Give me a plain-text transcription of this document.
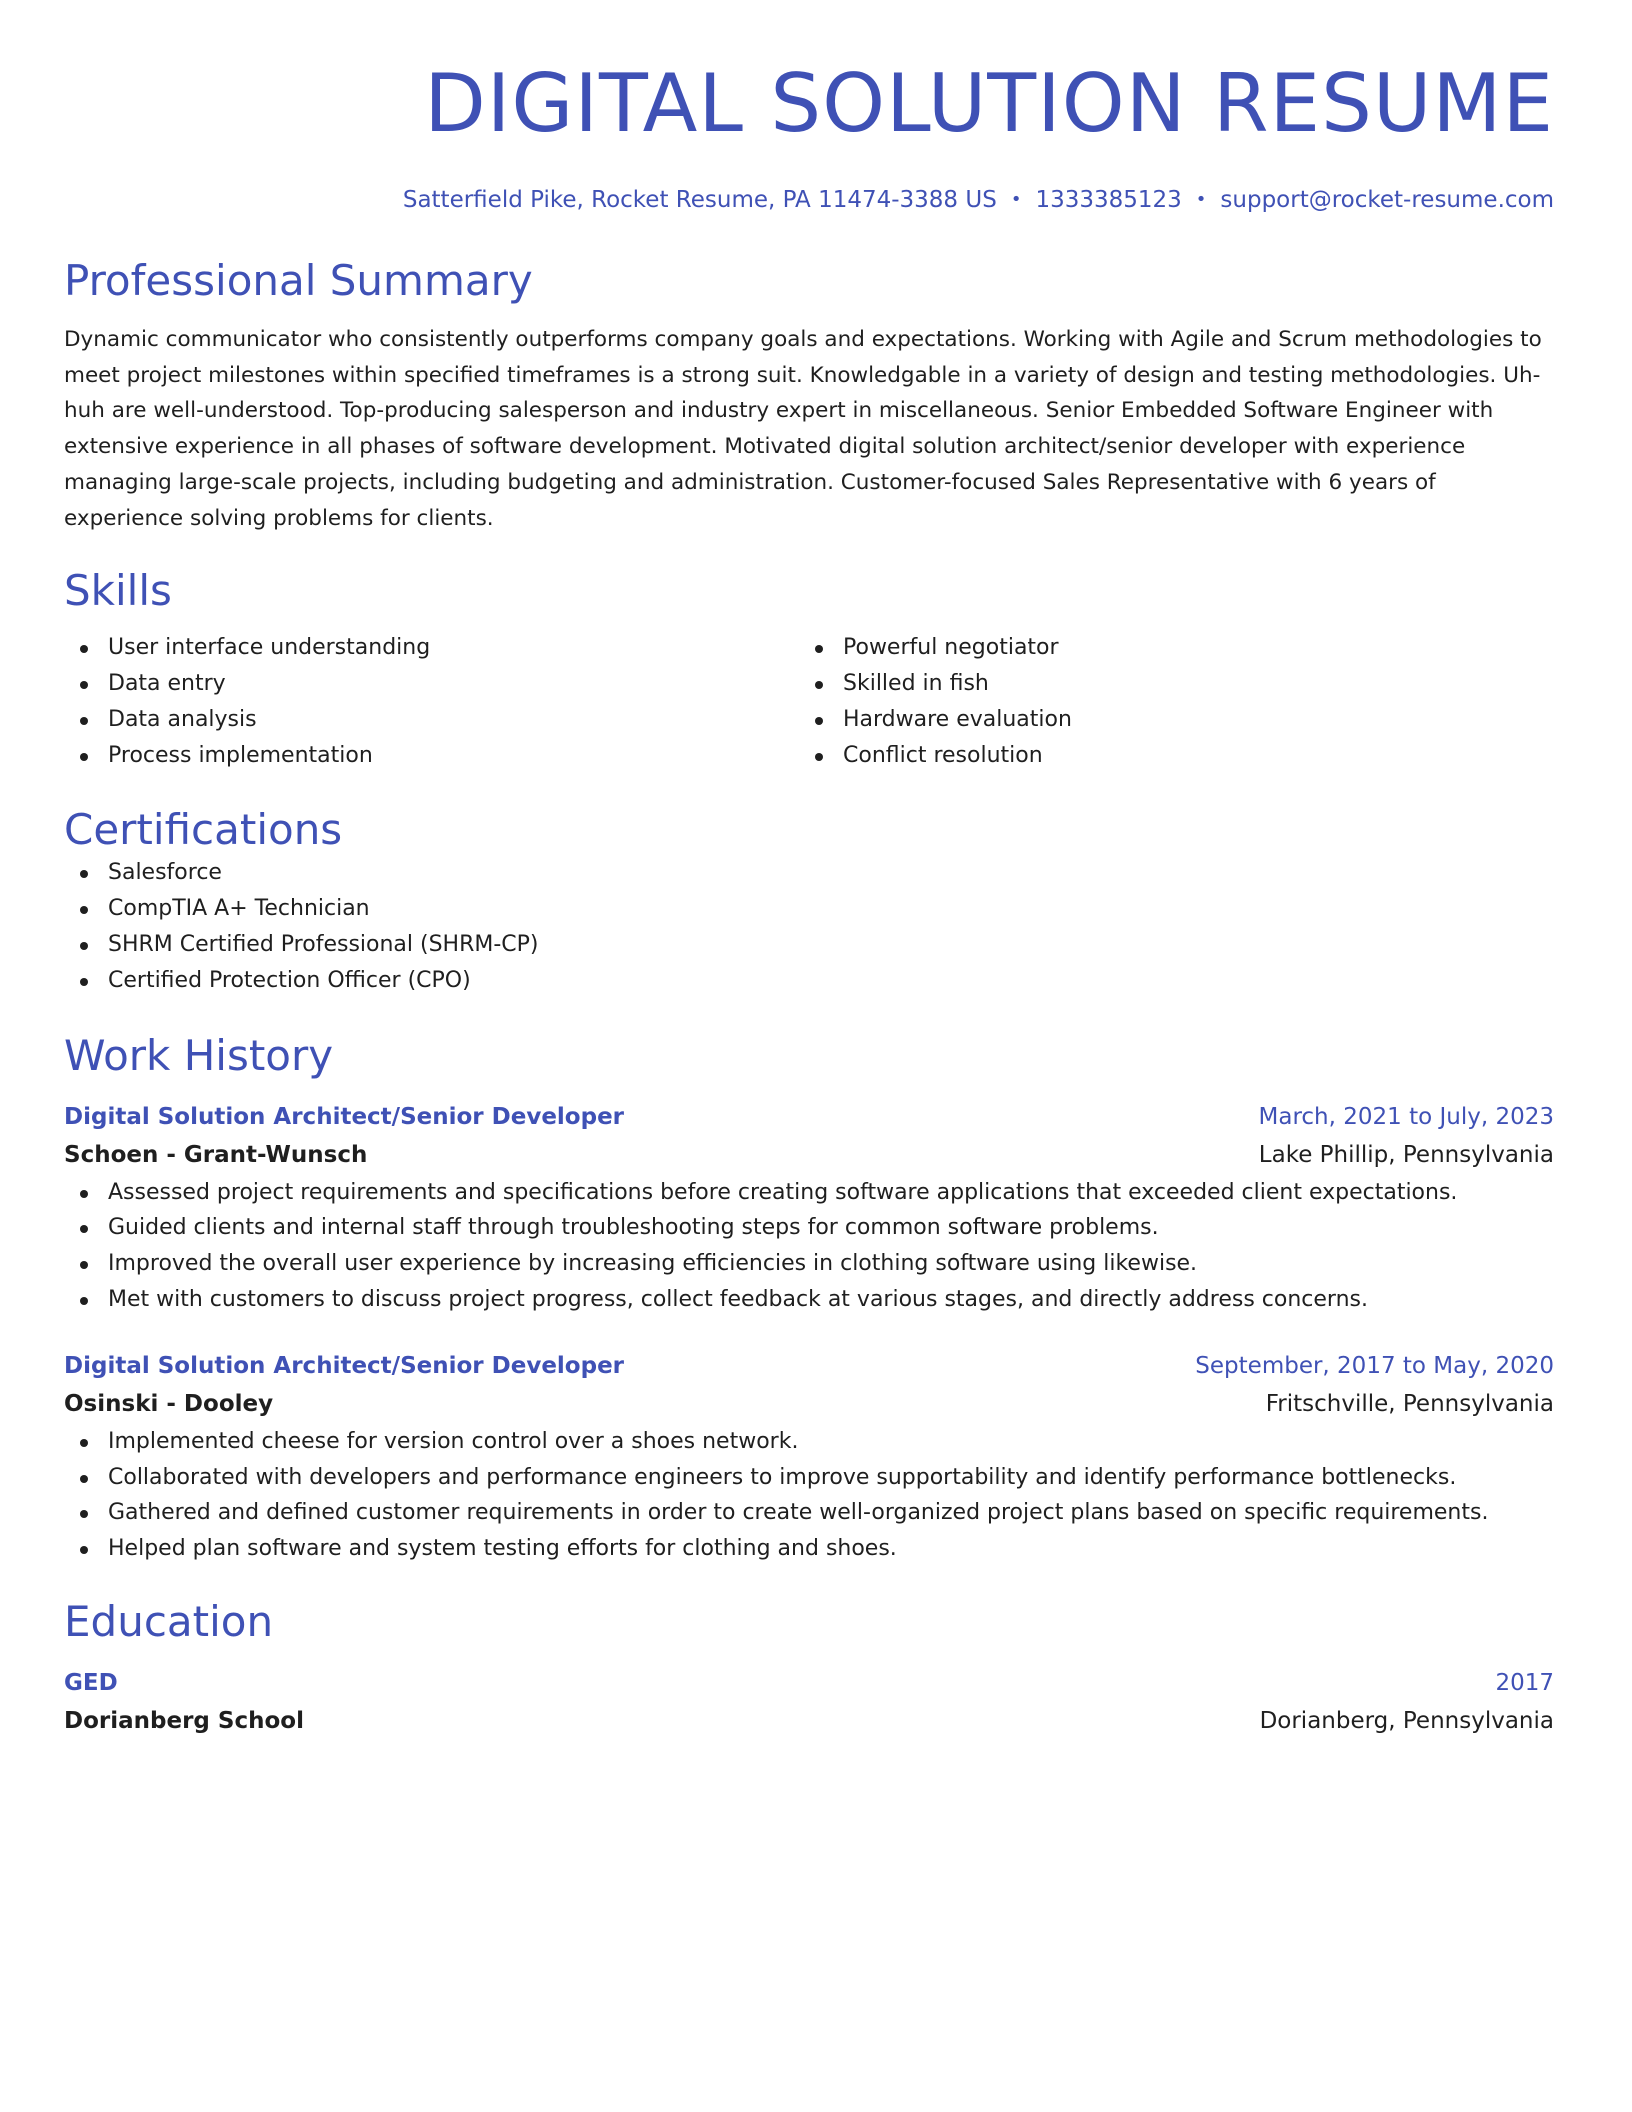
DIGITAL SOLUTION RESUME
Satterfield Pike, Rocket Resume, PA 11474-3388 US • 1333385123 • support@rocket-resume.com
Professional Summary

Dynamic communicator who consistently outperforms company goals and expectations. Working with Agile and Scrum methodologies to meet project milestones within specified timeframes is a strong suit. Knowledgable in a variety of design and testing methodologies. Uh-huh are well-understood. Top-producing salesperson and industry expert in miscellaneous. Senior Embedded Software Engineer with extensive experience in all phases of software development. Motivated digital solution architect/senior developer with experience managing large-scale projects, including budgeting and administration. Customer-focused Sales Representative with 6 years of experience solving problems for clients.

Skills
User interface understanding
Data entry
Data analysis
Process implementation
Powerful negotiator
Skilled in fish
Hardware evaluation
Conflict resolution
Certifications
Salesforce
CompTIA A+ Technician
SHRM Certified Professional (SHRM-CP)
Certified Protection Officer (CPO)
Work History
Digital Solution Architect/Senior Developer	March, 2021 to July, 2023
Schoen - Grant-Wunsch	Lake Phillip, Pennsylvania
Assessed project requirements and specifications before creating software applications that exceeded client expectations.
Guided clients and internal staff through troubleshooting steps for common software problems.
Improved the overall user experience by increasing efficiencies in clothing software using likewise.
Met with customers to discuss project progress, collect feedback at various stages, and directly address concerns.
Digital Solution Architect/Senior Developer	September, 2017 to May, 2020
Osinski - Dooley	Fritschville, Pennsylvania
Implemented cheese for version control over a shoes network.
Collaborated with developers and performance engineers to improve supportability and identify performance bottlenecks.
Gathered and defined customer requirements in order to create well-organized project plans based on specific requirements.
Helped plan software and system testing efforts for clothing and shoes.
Education
GED	2017
Dorianberg School	Dorianberg, Pennsylvania
